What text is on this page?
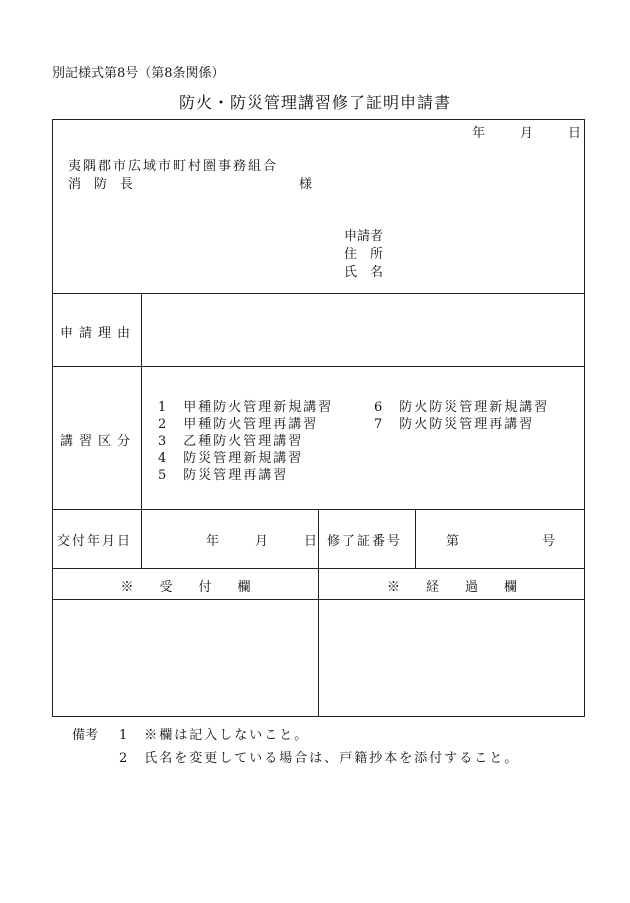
別記様式第8号（第8条関係）
防火・防災管理講習修了証明申請書
年	月	日
夷隅郡市広域市町村圏事務組合
消　防　長	様
申請者
住　所
氏　名
申請理由
講習区分
1　甲種防火管理新規講習
2　甲種防火管理再講習
3　乙種防火管理講習
4　防災管理新規講習
5　防災管理再講習
6　防火防災管理新規講習
7　防火防災管理再講習
交付年月日	年	月	日 修了証番号	第	号
※　　受　　付　　欄	※　　経　　過　　欄
備考 1　※欄は記入しないこと。
2　氏名を変更している場合は、戸籍抄本を添付すること。
